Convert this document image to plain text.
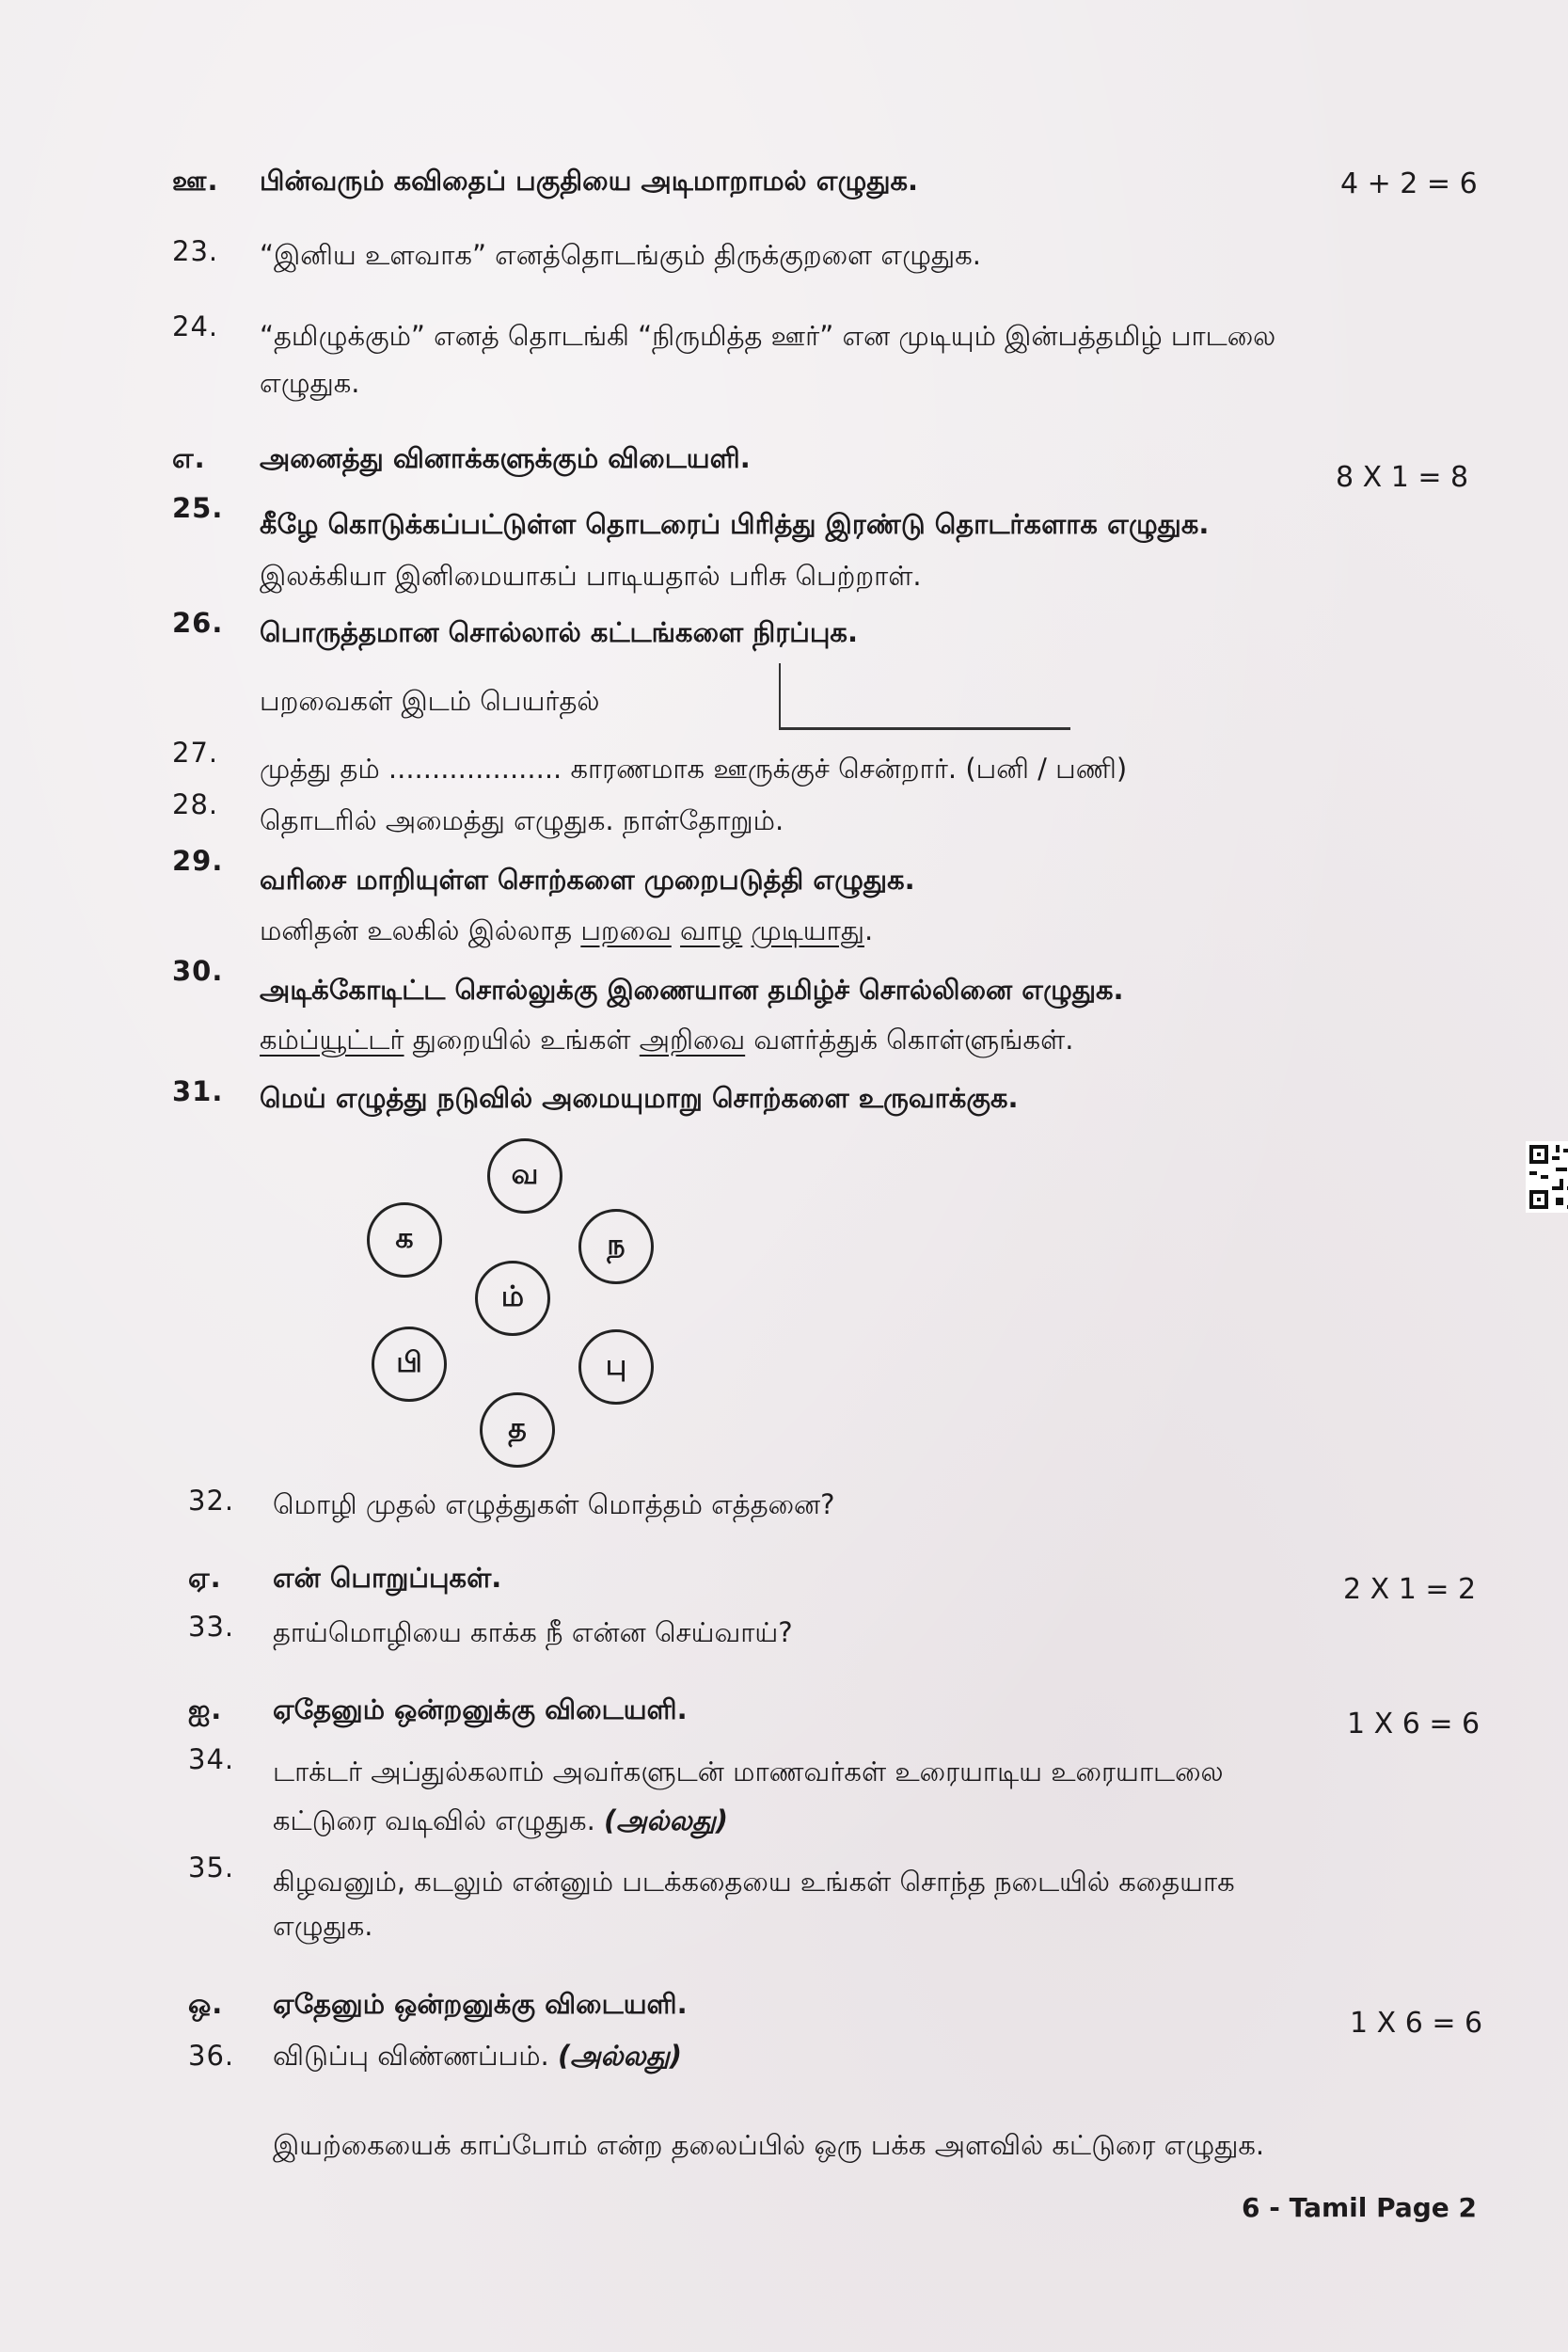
ஊ. பின்வரும் கவிதைப் பகுதியை அடிமாறாமல் எழுதுக.	4 + 2 = 6
23. “இனிய உளவாக” எனத்தொடங்கும் திருக்குறளை எழுதுக.
24. “தமிழுக்கும்” எனத் தொடங்கி “நிருமித்த ஊர்” என முடியும் இன்பத்தமிழ் பாடலை
எழுதுக.
எ. அனைத்து வினாக்களுக்கும் விடையளி.
8 X 1 = 8
25. கீழே கொடுக்கப்பட்டுள்ள தொடரைப் பிரித்து இரண்டு தொடர்களாக எழுதுக.
இலக்கியா இனிமையாகப் பாடியதால் பரிசு பெற்றாள்.
26. பொருத்தமான சொல்லால் கட்டங்களை நிரப்புக.
பறவைகள் இடம் பெயர்தல்
27. முத்து தம் .................... காரணமாக ஊருக்குச் சென்றார். (பனி / பணி)
28. தொடரில் அமைத்து எழுதுக. நாள்தோறும்.
29.
வரிசை மாறியுள்ள சொற்களை முறைபடுத்தி எழுதுக.
மனிதன் உலகில் இல்லாத பறவை வாழ முடியாது.
30.
அடிக்கோடிட்ட சொல்லுக்கு இணையான தமிழ்ச் சொல்லினை எழுதுக.
கம்ப்யூட்டர் துறையில் உங்கள் அறிவை வளர்த்துக் கொள்ளுங்கள்.
31. மெய் எழுத்து நடுவில் அமையுமாறு சொற்களை உருவாக்குக.
வ
க	ந
ம்
பி	பு
த
32. மொழி முதல் எழுத்துகள் மொத்தம் எத்தனை?
ஏ. என் பொறுப்புகள்.	2 X 1 = 2
33. தாய்மொழியை காக்க நீ என்ன செய்வாய்?
ஐ. ஏதேனும் ஒன்றனுக்கு விடையளி.	1 X 6 = 6
34. டாக்டர் அப்துல்கலாம் அவர்களுடன் மாணவர்கள் உரையாடிய உரையாடலை
கட்டுரை வடிவில் எழுதுக. (அல்லது)
35. கிழவனும், கடலும் என்னும் படக்கதையை உங்கள் சொந்த நடையில் கதையாக
எழுதுக.
ஒ. ஏதேனும் ஒன்றனுக்கு விடையளி.
1 X 6 = 6
36. விடுப்பு விண்ணப்பம். (அல்லது)
இயற்கையைக் காப்போம் என்ற தலைப்பில் ஒரு பக்க அளவில் கட்டுரை எழுதுக.
6 - Tamil Page 2
